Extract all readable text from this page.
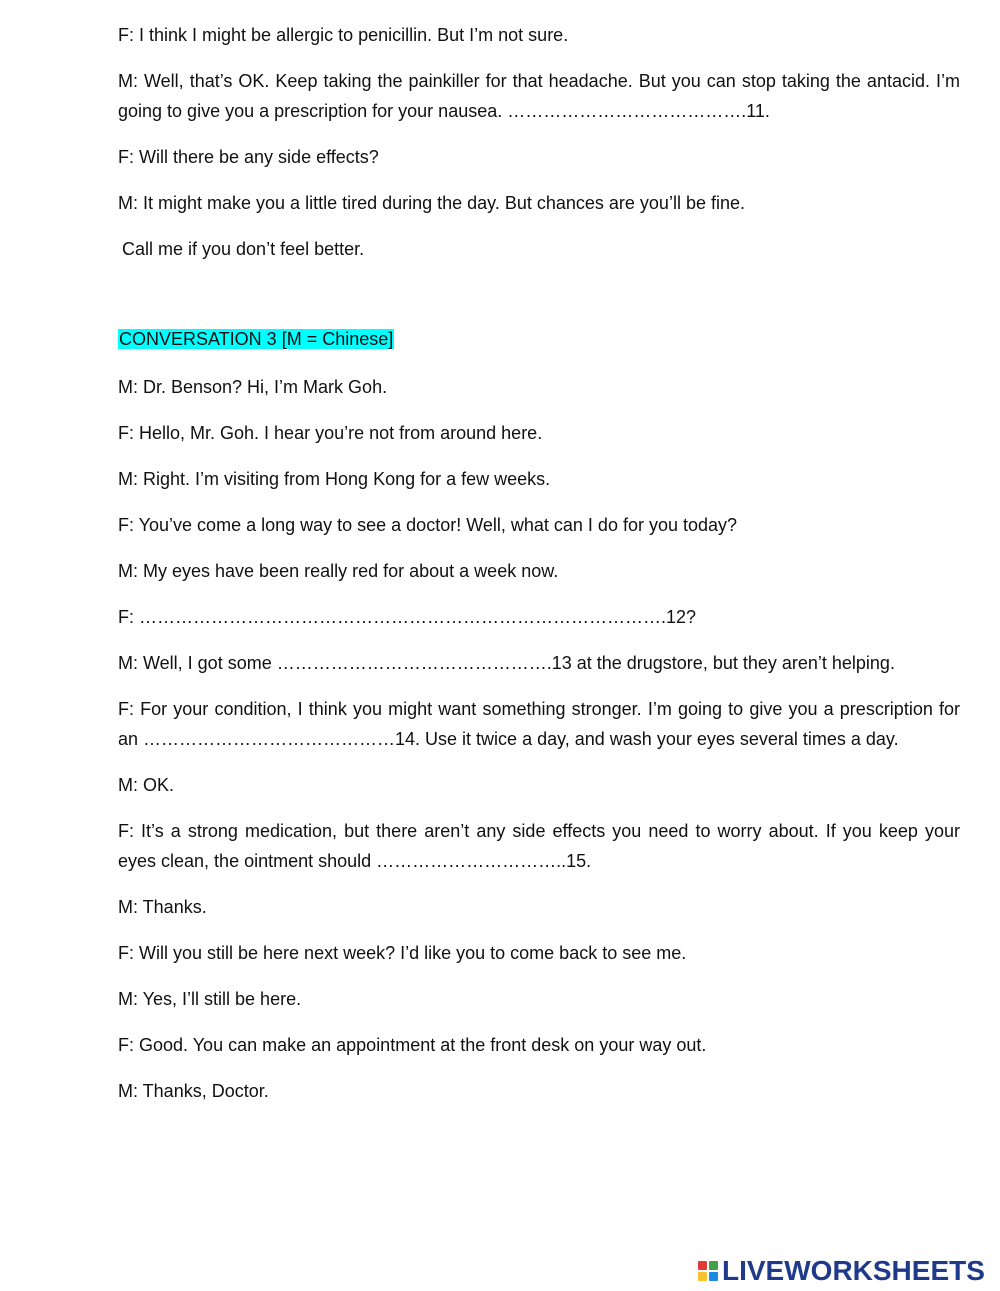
F: I think I might be allergic to penicillin. But I’m not sure.

M: Well, that’s OK. Keep taking the painkiller for that headache. But you can stop taking the antacid. I’m going to give you a prescription for your nausea. ………………………………….11.

F: Will there be any side effects?

M: It might make you a little tired during the day. But chances are you’ll be fine.

Call me if you don’t feel better.

CONVERSATION 3 [M = Chinese]

M: Dr. Benson? Hi, I’m Mark Goh.

F: Hello, Mr. Goh. I hear you’re not from around here.

M: Right. I’m visiting from Hong Kong for a few weeks.

F: You’ve come a long way to see a doctor! Well, what can I do for you today?

M: My eyes have been really red for about a week now.

F: …………………………………………………………………………….12?

M: Well, I got some ……………………………………….13 at the drugstore, but they aren’t helping.

F: For your condition, I think you might want something stronger. I’m going to give you a prescription for an ……………………………………14. Use it twice a day, and wash your eyes several times a day.

M: OK.

F: It’s a strong medication, but there aren’t any side effects you need to worry about. If you keep your eyes clean, the ointment should …………………………..15.

M: Thanks.

F: Will you still be here next week? I’d like you to come back to see me.

M: Yes, I’ll still be here.

F: Good. You can make an appointment at the front desk on your way out.

M: Thanks, Doctor.

LIVEWORKSHEETS
